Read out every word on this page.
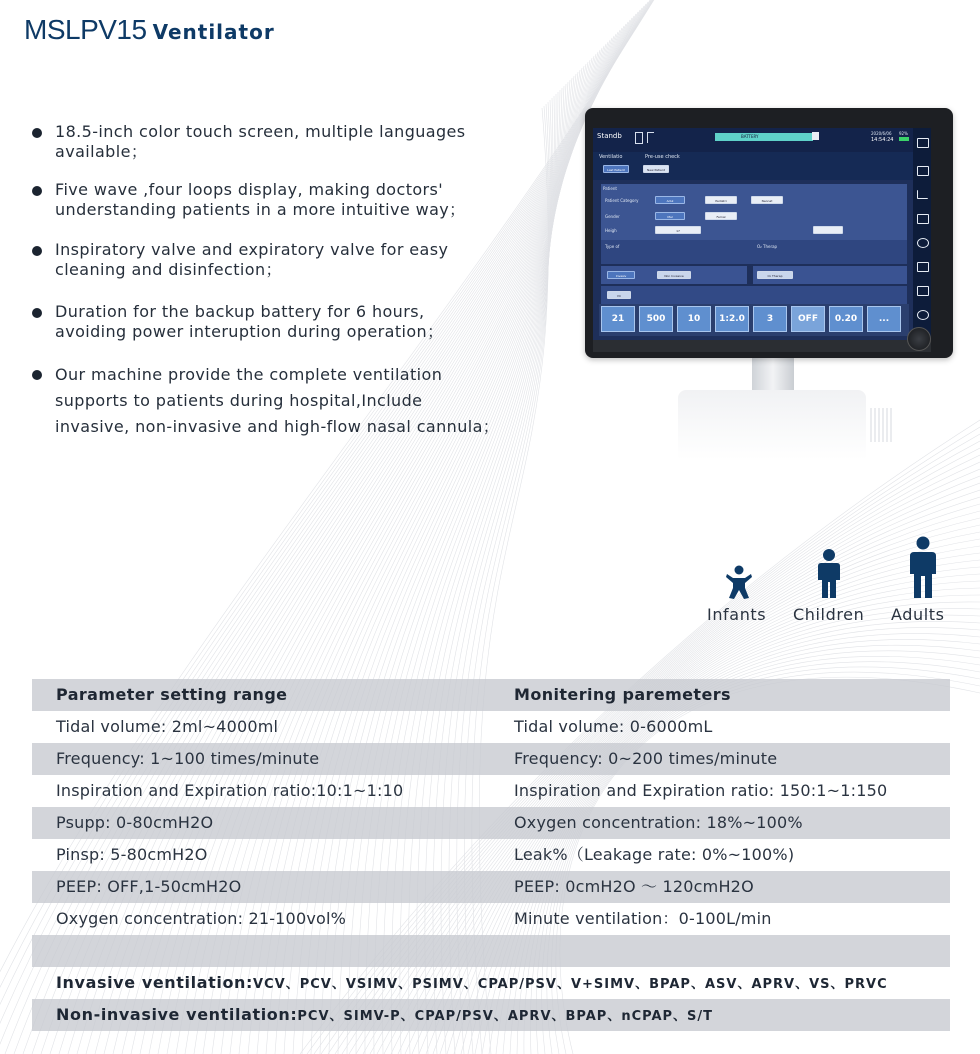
MSLPV15 Ventilator
18.5-inch color touch screen, multiple languages
available；
Five wave ,four loops display, making doctors'
understanding patients in a more intuitive way；
Inspiratory valve and expiratory valve for easy
cleaning and disinfection；
Duration for the backup battery for 6 hours,
avoiding power interuption during operation；
Our machine provide the complete ventilation
supports to patients during hospital,Include
invasive, non-invasive and high-flow nasal cannula；
Standb	BATTERY
2020/6/06
14:54:24
92%
Ventilatio	Pre-use check
Last Patient	New Patient
Patient
Patient Category	Adul	Pediatri	Neonat
Gender	Mal	Femal
Heigh	17
Type of	O₂ Therap
Invasiv	Non Invasive	O₂ Therap
VC
21	500	10	1:2.0	3	OFF	0.20	...
Infants Children Adults
Parameter setting range	Monitering paremeters
Tidal volume: 2ml~4000ml	Tidal volume: 0-6000mL
Frequency: 1~100 times/minute	Frequency: 0~200 times/minute
Inspiration and Expiration ratio:10:1~1:10	Inspiration and Expiration ratio: 150:1~1:150
Psupp: 0-80cmH2O	Oxygen concentration: 18%~100%
Pinsp: 5-80cmH2O	Leak%（Leakage rate: 0%~100%)
PEEP: OFF,1-50cmH2O	PEEP: 0cmH2O ～ 120cmH2O
Oxygen concentration: 21-100vol%	Minute ventilation：0-100L/min
Invasive ventilation:VCV、PCV、VSIMV、PSIMV、CPAP/PSV、V+SIMV、BPAP、ASV、APRV、VS、PRVC
Non-invasive ventilation:PCV、SIMV-P、CPAP/PSV、APRV、BPAP、nCPAP、S/T
